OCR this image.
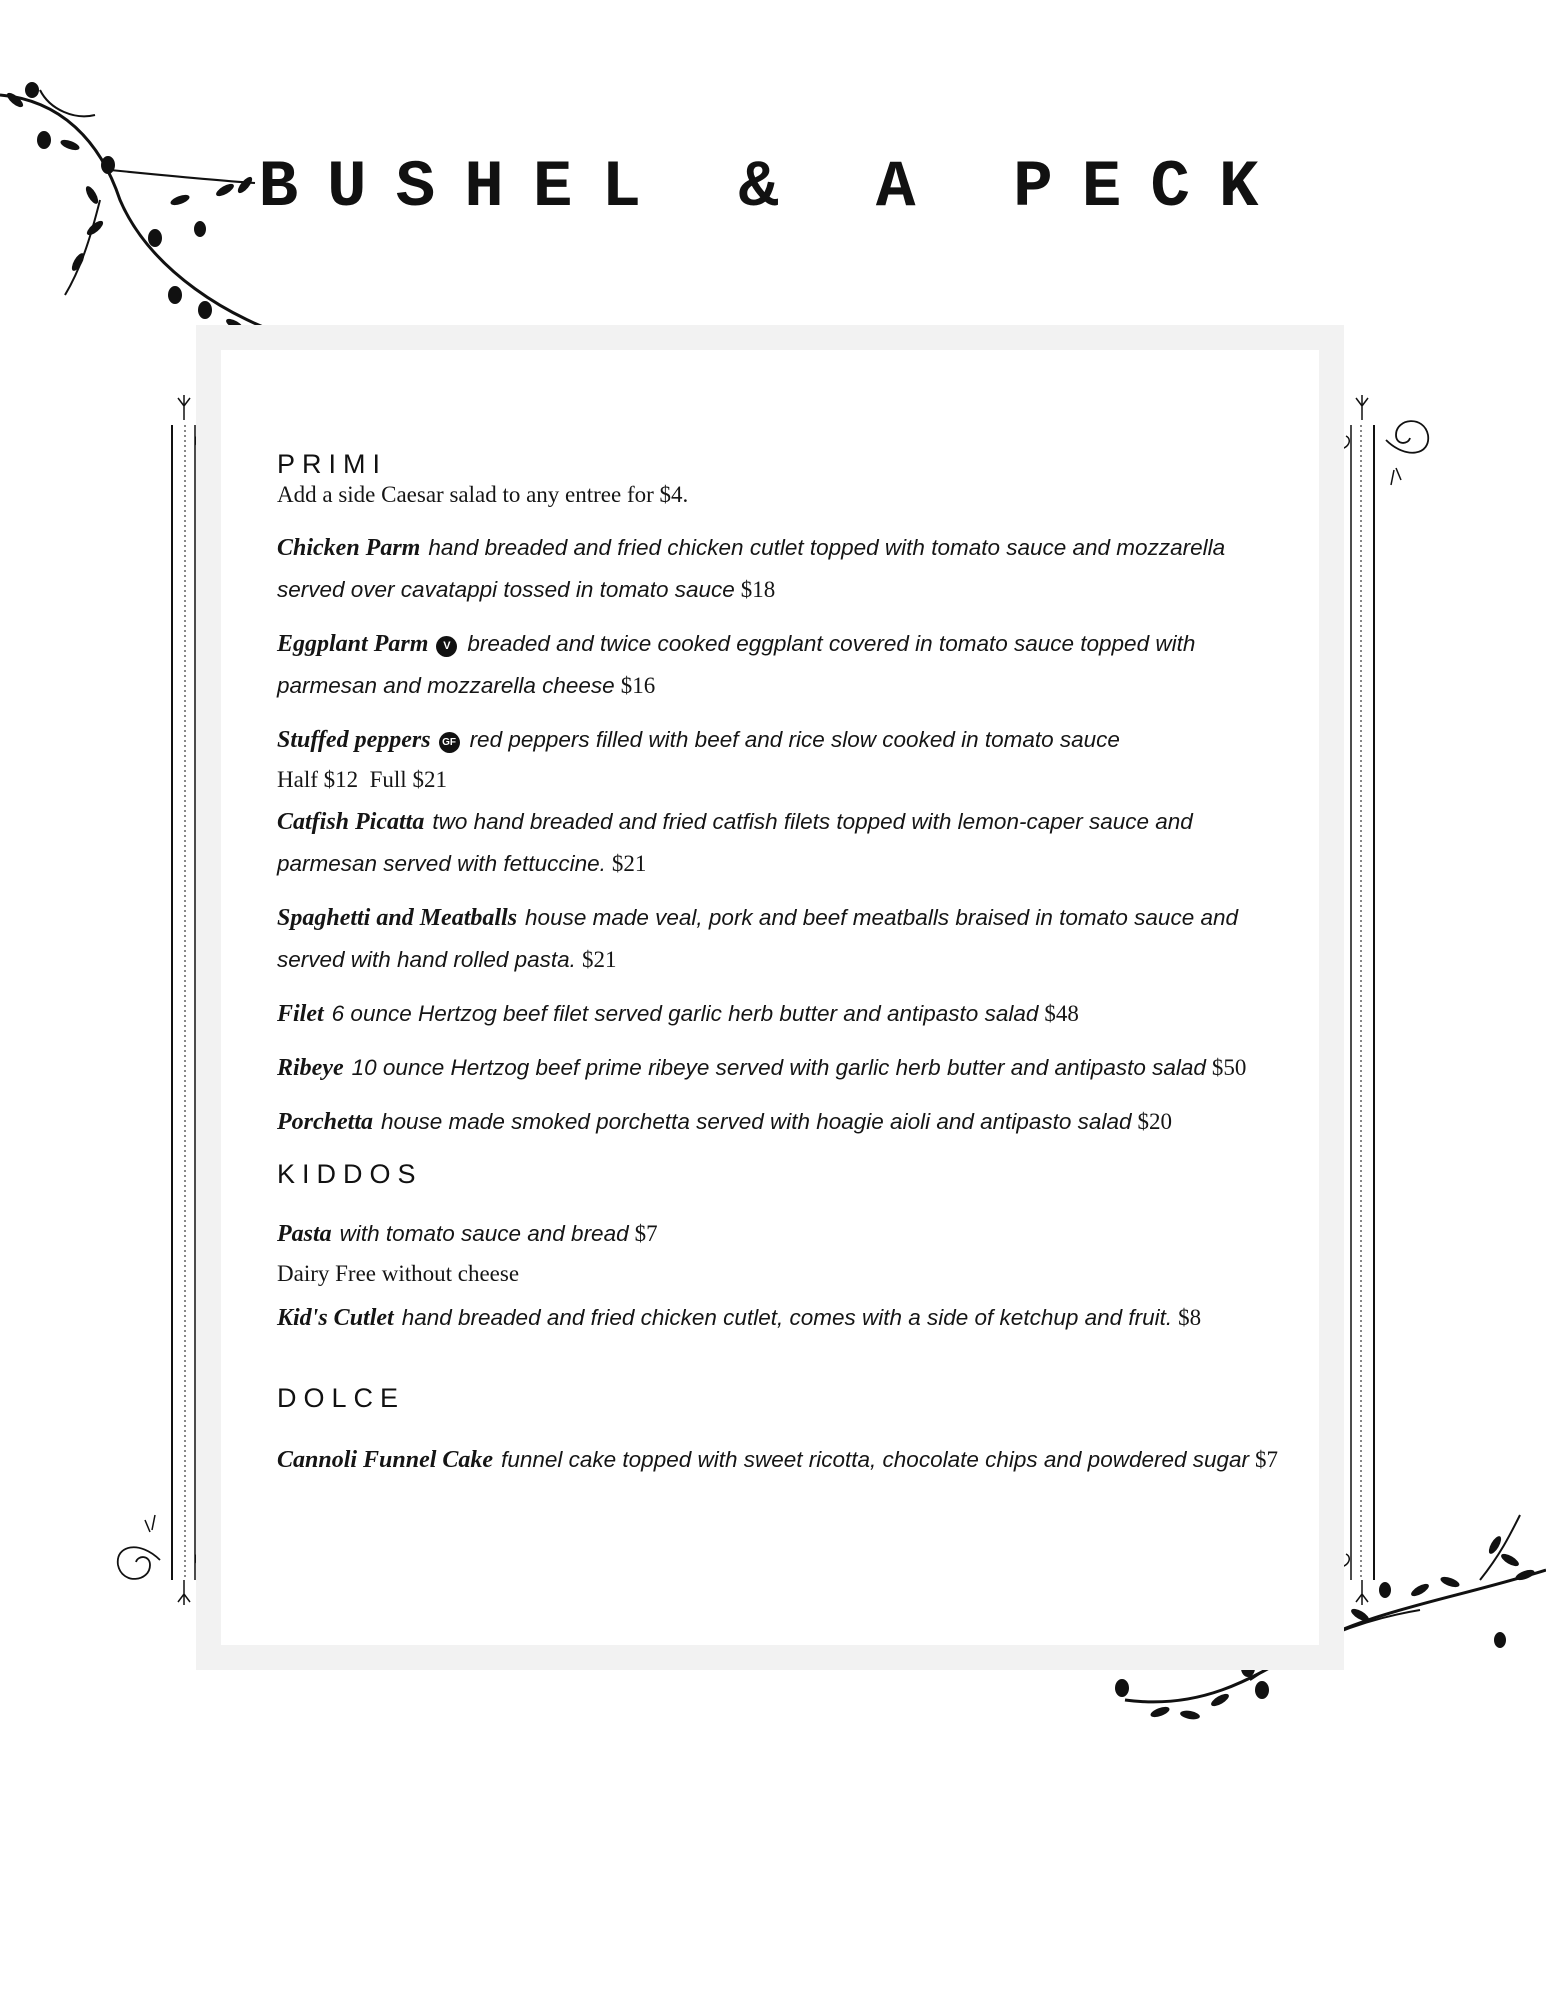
BUSHEL & A PECK
PRIMI
Add a side Caesar salad to any entree for $4.
Chicken Parm hand breaded and fried chicken cutlet topped with tomato sauce and mozzarella served over cavatappi tossed in tomato sauce $18
Eggplant Parm V breaded and twice cooked eggplant covered in tomato sauce topped with parmesan and mozzarella cheese $16
Stuffed peppers GF red peppers filled with beef and rice slow cooked in tomato sauce
Half $12  Full $21
Catfish Picatta two hand breaded and fried catfish filets topped with lemon-caper sauce and parmesan served with fettuccine. $21
Spaghetti and Meatballs house made veal, pork and beef meatballs braised in tomato sauce and served with hand rolled pasta. $21
Filet 6 ounce Hertzog beef filet served garlic herb butter and antipasto salad $48
Ribeye 10 ounce Hertzog beef prime ribeye served with garlic herb butter and antipasto salad $50
Porchetta house made smoked porchetta served with hoagie aioli and antipasto salad $20
KIDDOS
Pasta with tomato sauce and bread $7
Dairy Free without cheese
Kid's Cutlet hand breaded and fried chicken cutlet, comes with a side of ketchup and fruit. $8
DOLCE
Cannoli Funnel Cake funnel cake topped with sweet ricotta, chocolate chips and powdered sugar $7
